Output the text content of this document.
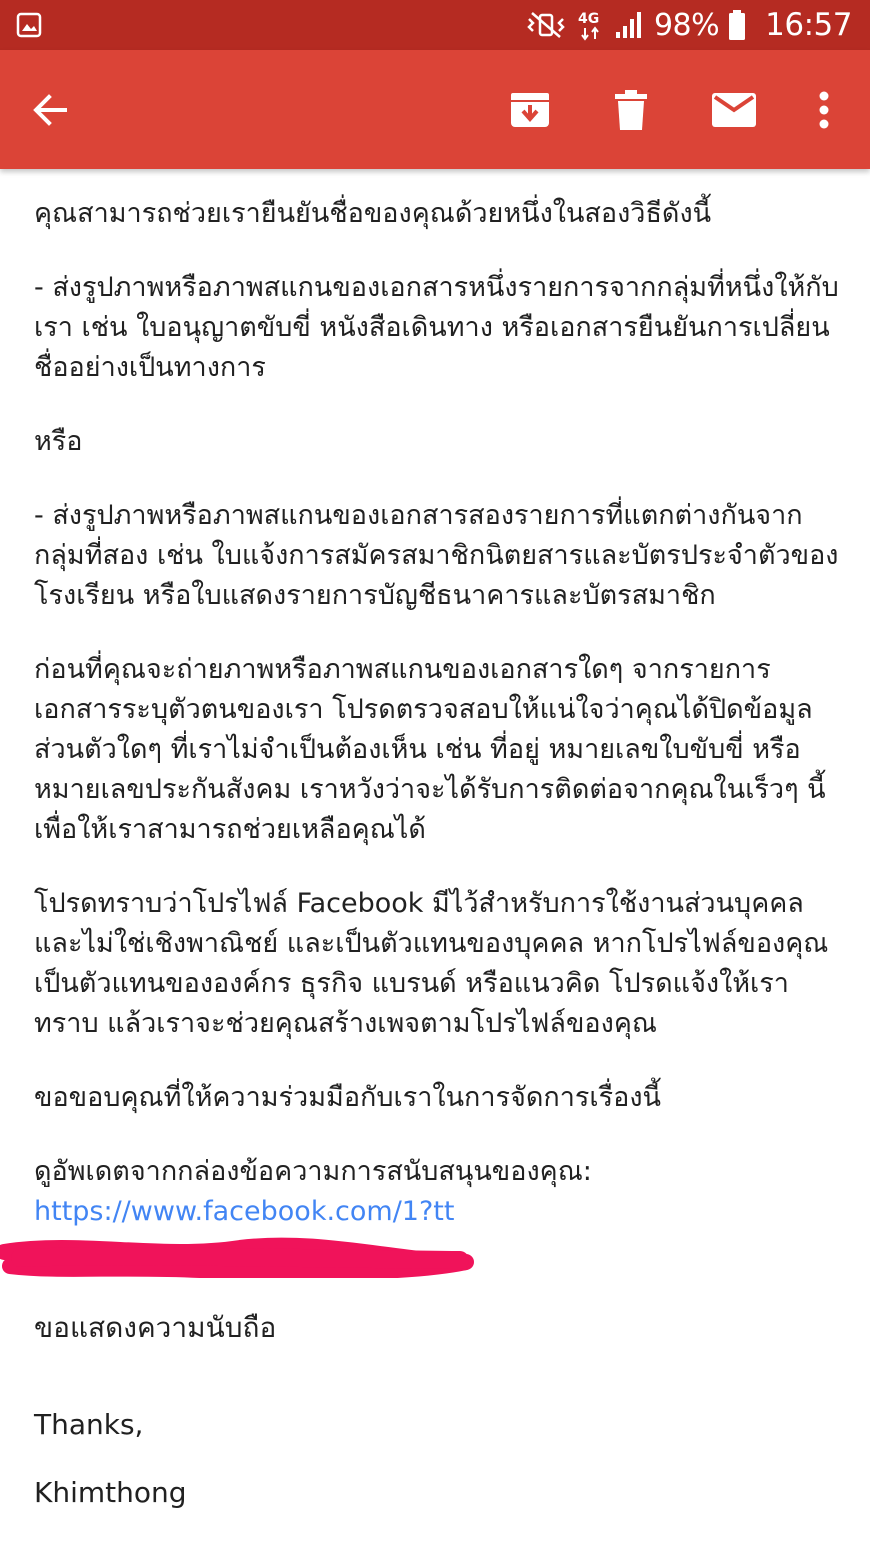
4G 98% 16:57

คุณสามารถช่วยเรายืนยันชื่อของคุณด้วยหนึ่งในสองวิธีดังนี้

- ส่งรูปภาพหรือภาพสแกนของเอกสารหนึ่งรายการจากกลุ่มที่หนึ่งให้กับเรา เช่น ใบอนุญาตขับขี่ หนังสือเดินทาง หรือเอกสารยืนยันการเปลี่ยนชื่ออย่างเป็นทางการ

หรือ

- ส่งรูปภาพหรือภาพสแกนของเอกสารสองรายการที่แตกต่างกันจากกลุ่มที่สอง เช่น ใบแจ้งการสมัครสมาชิกนิตยสารและบัตรประจำตัวของโรงเรียน หรือใบแสดงรายการบัญชีธนาคารและบัตรสมาชิก

ก่อนที่คุณจะถ่ายภาพหรือภาพสแกนของเอกสารใดๆ จากรายการเอกสารระบุตัวตนของเรา โปรดตรวจสอบให้แน่ใจว่าคุณได้ปิดข้อมูลส่วนตัวใดๆ ที่เราไม่จำเป็นต้องเห็น เช่น ที่อยู่ หมายเลขใบขับขี่ หรือหมายเลขประกันสังคม เราหวังว่าจะได้รับการติดต่อจากคุณในเร็วๆ นี้เพื่อให้เราสามารถช่วยเหลือคุณได้

โปรดทราบว่าโปรไฟล์ Facebook มีไว้สำหรับการใช้งานส่วนบุคคลและไม่ใช่เชิงพาณิชย์ และเป็นตัวแทนของบุคคล หากโปรไฟล์ของคุณเป็นตัวแทนขององค์กร ธุรกิจ แบรนด์ หรือแนวคิด โปรดแจ้งให้เราทราบ แล้วเราจะช่วยคุณสร้างเพจตามโปรไฟล์ของคุณ

ขอขอบคุณที่ให้ความร่วมมือกับเราในการจัดการเรื่องนี้

ดูอัพเดตจากกล่องข้อความการสนับสนุนของคุณ:

https://www.facebook.com/1?tt

ขอแสดงความนับถือ
Thanks,
Khimthong
